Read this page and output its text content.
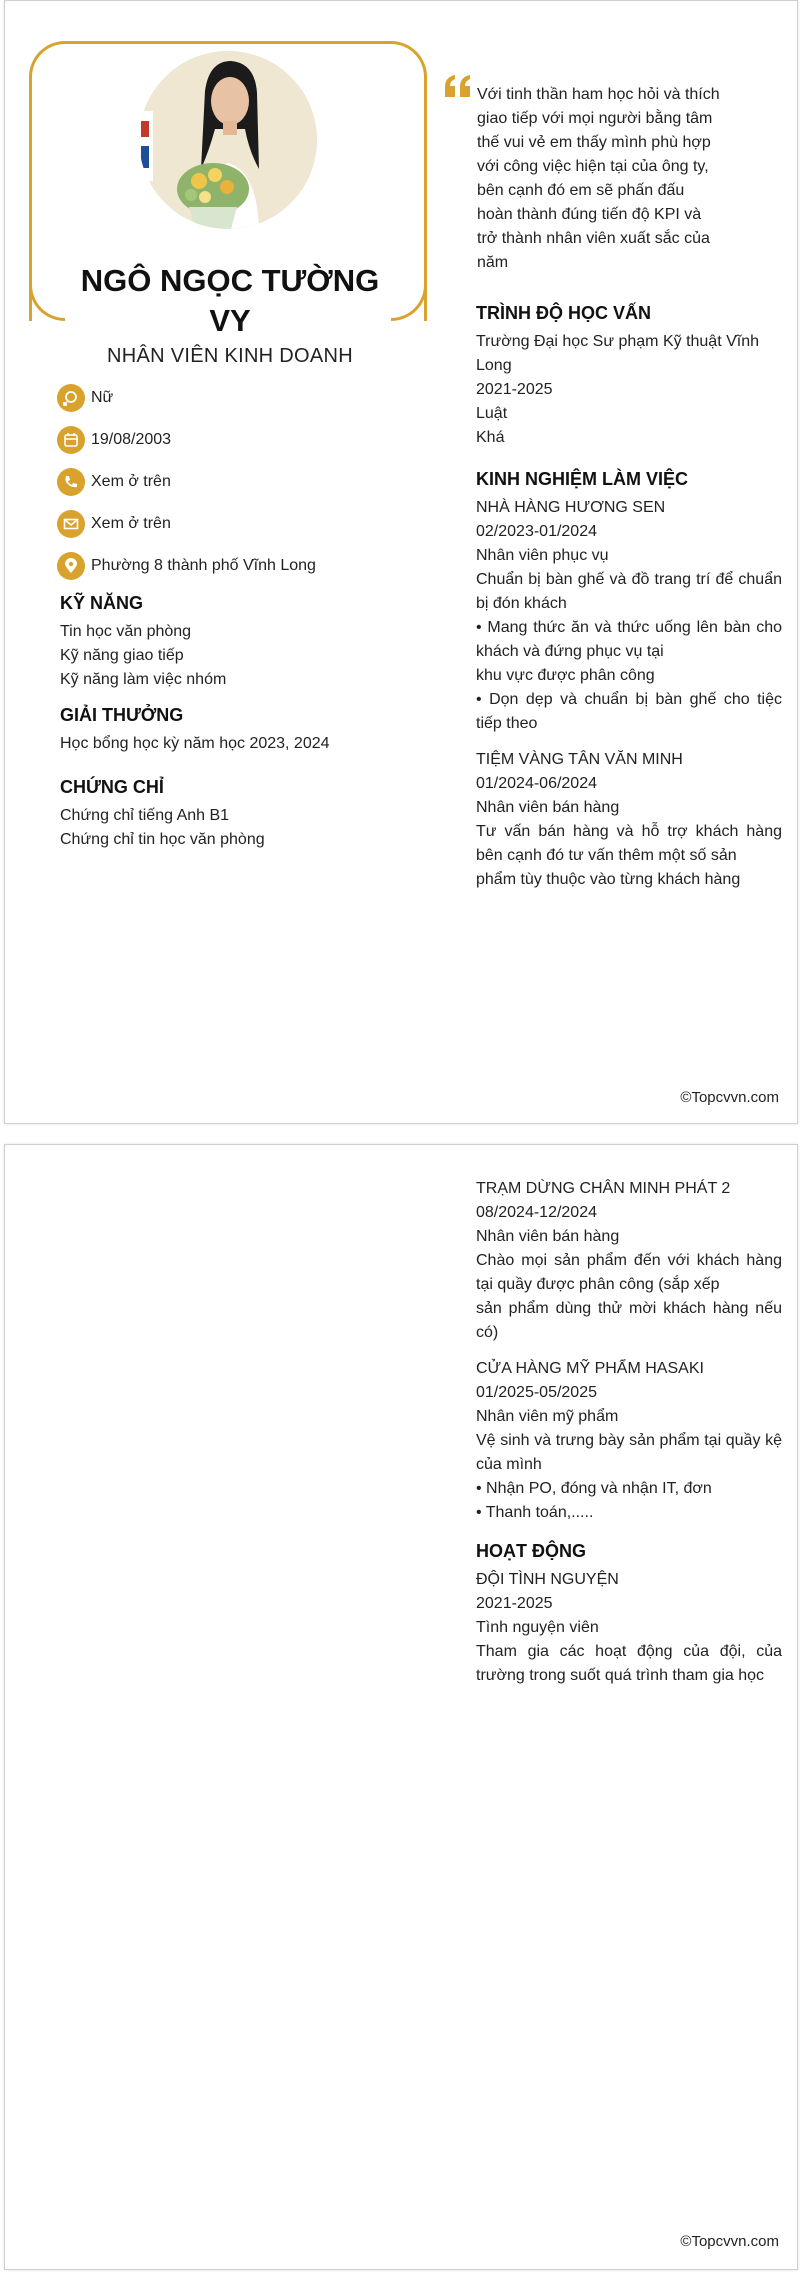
NGÔ NGỌC TƯỜNG VY
NHÂN VIÊN KINH DOANH
Nữ
19/08/2003
Xem ở trên
Xem ở trên
Phường 8 thành phố Vĩnh Long
KỸ NĂNG
Tin học văn phòng
Kỹ năng giao tiếp
Kỹ năng làm việc nhóm
GIẢI THƯỞNG
Học bổng học kỳ năm học 2023, 2024
CHỨNG CHỈ
Chứng chỉ tiếng Anh B1
Chứng chỉ tin học văn phòng
Với tinh thần ham học hỏi và thích giao tiếp với mọi người bằng tâm thế vui vẻ em thấy mình phù hợp với công việc hiện tại của ông ty, bên cạnh đó em sẽ phấn đấu hoàn thành đúng tiến độ KPI và trở thành nhân viên xuất sắc của năm
TRÌNH ĐỘ HỌC VẤN
Trường Đại học Sư phạm Kỹ thuật Vĩnh Long
2021-2025
Luật
Khá
KINH NGHIỆM LÀM VIỆC
NHÀ HÀNG HƯƠNG SEN
02/2023-01/2024
Nhân viên phục vụ
Chuẩn bị bàn ghế và đồ trang trí để chuẩn bị đón khách
• Mang thức ăn và thức uống lên bàn cho khách và đứng phục vụ tại
khu vực được phân công
• Dọn dẹp và chuẩn bị bàn ghế cho tiệc tiếp theo
TIỆM VÀNG TÂN VĂN MINH
01/2024-06/2024
Nhân viên bán hàng
Tư vấn bán hàng và hỗ trợ khách hàng bên cạnh đó tư vấn thêm một số sản
phẩm tùy thuộc vào từng khách hàng
©Topcvvn.com
TRẠM DỪNG CHÂN MINH PHÁT 2
08/2024-12/2024
Nhân viên bán hàng
Chào mọi sản phẩm đến với khách hàng tại quầy được phân công (sắp xếp
sản phẩm dùng thử mời khách hàng nếu có)
CỬA HÀNG MỸ PHẨM HASAKI
01/2025-05/2025
Nhân viên mỹ phẩm
Vệ sinh và trưng bày sản phẩm tại quầy kệ của mình
• Nhận PO, đóng và nhận IT, đơn
• Thanh toán,.....
HOẠT ĐỘNG
ĐỘI TÌNH NGUYỆN
2021-2025
Tình nguyện viên
Tham gia các hoạt động của đội, của trường trong suốt quá trình tham gia học
©Topcvvn.com
